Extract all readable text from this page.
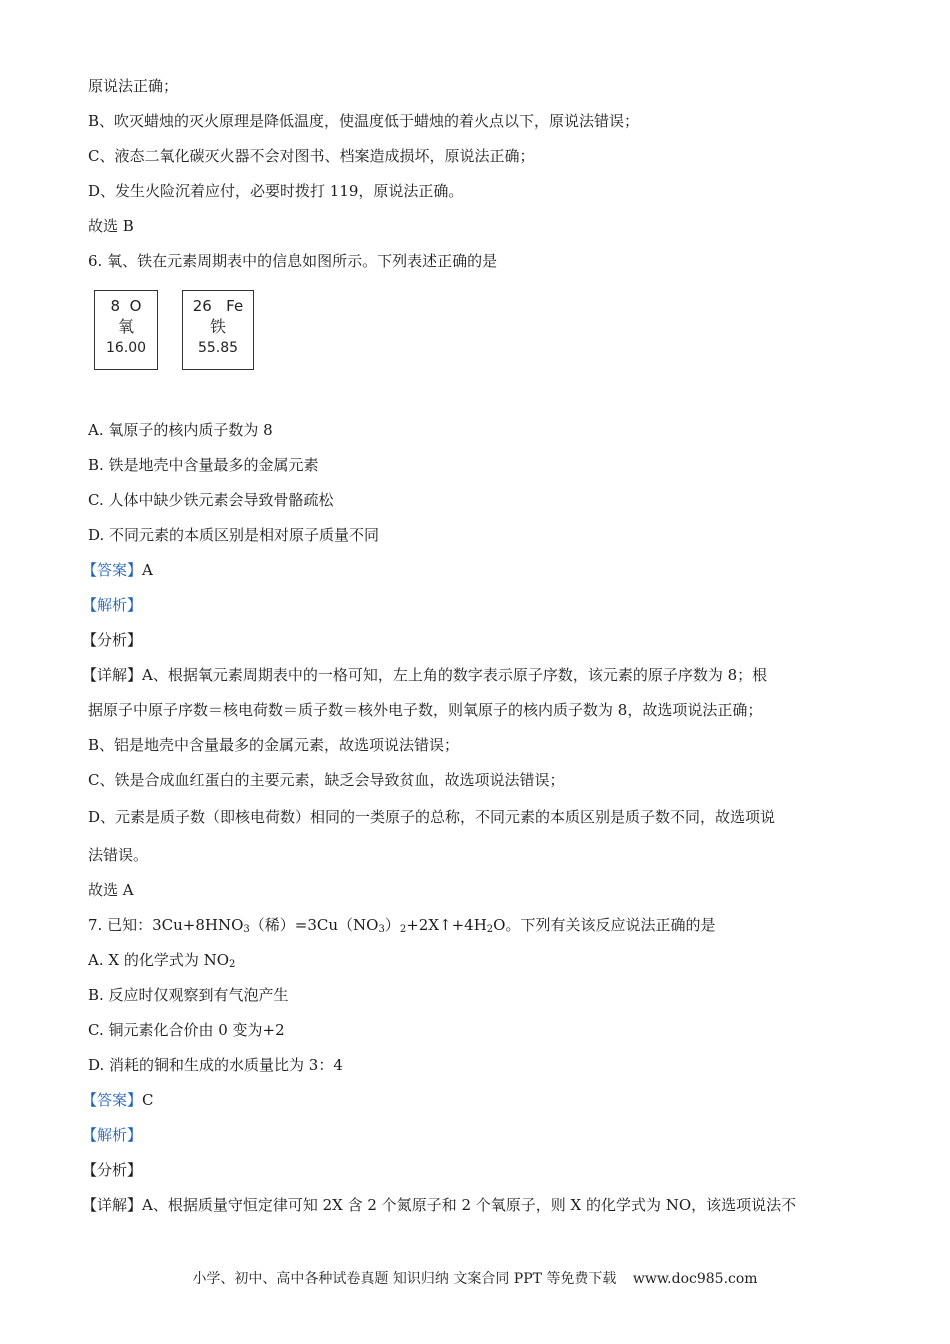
原说法正确；
B、吹灭蜡烛的灭火原理是降低温度，使温度低于蜡烛的着火点以下，原说法错误；
C、液态二氧化碳灭火器不会对图书、档案造成损坏，原说法正确；
D、发生火险沉着应付，必要时拨打 119，原说法正确。
故选 B
6. 氧、铁在元素周期表中的信息如图所示。下列表述正确的是
8 O
氧
16.00
26 Fe
铁
55.85
A. 氧原子的核内质子数为 8
B. 铁是地壳中含量最多的金属元素
C. 人体中缺少铁元素会导致骨骼疏松
D. 不同元素的本质区别是相对原子质量不同
【答案】A
【解析】
【分析】
【详解】A、根据氧元素周期表中的一格可知，左上角的数字表示原子序数，该元素的原子序数为 8；根
据原子中原子序数＝核电荷数＝质子数＝核外电子数，则氧原子的核内质子数为 8，故选项说法正确；
B、铝是地壳中含量最多的金属元素，故选项说法错误；
C、铁是合成血红蛋白的主要元素，缺乏会导致贫血，故选项说法错误；
D、元素是质子数（即核电荷数）相同的一类原子的总称，不同元素的本质区别是质子数不同，故选项说
法错误。
故选 A
7. 已知：$3Cu+8HNO_3$（稀）$=3Cu(NO_3)_2+2X↑+4H_2O$。下列有关该反应说法正确的是
A. X 的化学式为 $NO_2$
B. 反应时仅观察到有气泡产生
C. 铜元素化合价由 0 变为+2
D. 消耗的铜和生成的水质量比为 3：4
【答案】C
【解析】
【分析】
【详解】A、根据质量守恒定律可知 2X 含 2 个氮原子和 2 个氧原子，则 X 的化学式为 NO，该选项说法不
小学、初中、高中各种试卷真题 知识归纳 文案合同 PPT 等免费下载 www.doc985.com
